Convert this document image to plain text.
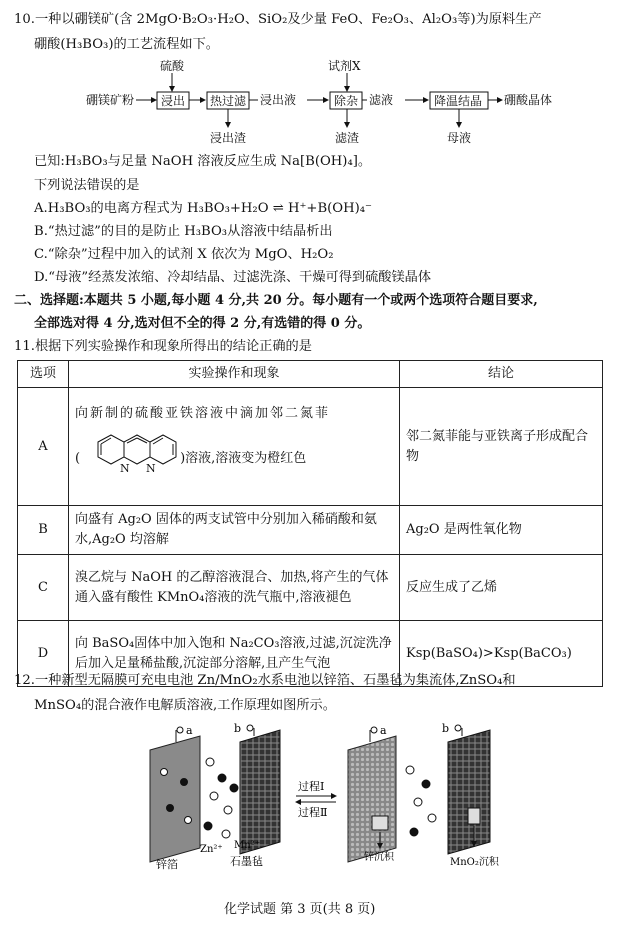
10.一种以硼镁矿(含 2MgO·B₂O₃·H₂O、SiO₂及少量 FeO、Fe₂O₃、Al₂O₃等)为原料生产
硼酸(H₃BO₃)的工艺流程如下。
硼镁矿粉
硫酸
浸出 热过滤
浸出渣
浸出液
试剂X
除杂
滤渣
滤液	降温结晶
母液
硼酸晶体
已知:H₃BO₃与足量 NaOH 溶液反应生成 Na[B(OH)₄]。
下列说法错误的是
A.H₃BO₃的电离方程式为 H₃BO₃+H₂O ⇌ H⁺+B(OH)₄⁻
B.“热过滤”的目的是防止 H₃BO₃从溶液中结晶析出
C.“除杂”过程中加入的试剂 X 依次为 MgO、H₂O₂
D.“母液”经蒸发浓缩、冷却结晶、过滤洗涤、干燥可得到硫酸镁晶体
二、选择题:本题共 5 小题,每小题 4 分,共 20 分。每小题有一个或两个选项符合题目要求,
全部选对得 4 分,选对但不全的得 2 分,有选错的得 0 分。
11.根据下列实验操作和现象所得出的结论正确的是
选项	实验操作和现象	结论
A	向新制的硫酸亚铁溶液中滴加邻二氮菲
(
N N
)溶液,溶液变为橙红色	邻二氮菲能与亚铁离子形成配合物
B	向盛有 Ag₂O 固体的两支试管中分别加入稀硝酸和氨水,Ag₂O 均溶解	Ag₂O 是两性氧化物
C	溴乙烷与 NaOH 的乙醇溶液混合、加热,将产生的气体通入盛有酸性 KMnO₄溶液的洗气瓶中,溶液褪色	反应生成了乙烯
D	向 BaSO₄固体中加入饱和 Na₂CO₃溶液,过滤,沉淀洗净后加入足量稀盐酸,沉淀部分溶解,且产生气泡	Ksp(BaSO₄)>Ksp(BaCO₃)
12.一种新型无隔膜可充电电池 Zn/MnO₂水系电池以锌箔、石墨毡为集流体,ZnSO₄和
MnSO₄的混合液作电解质溶液,工作原理如图所示。
a	b
Zn²⁺ Mn²⁺
锌箔	石墨毡
过程Ⅰ
过程Ⅱ
a	b
锌沉积	MnO₂沉积
化学试题 第 3 页(共 8 页)
